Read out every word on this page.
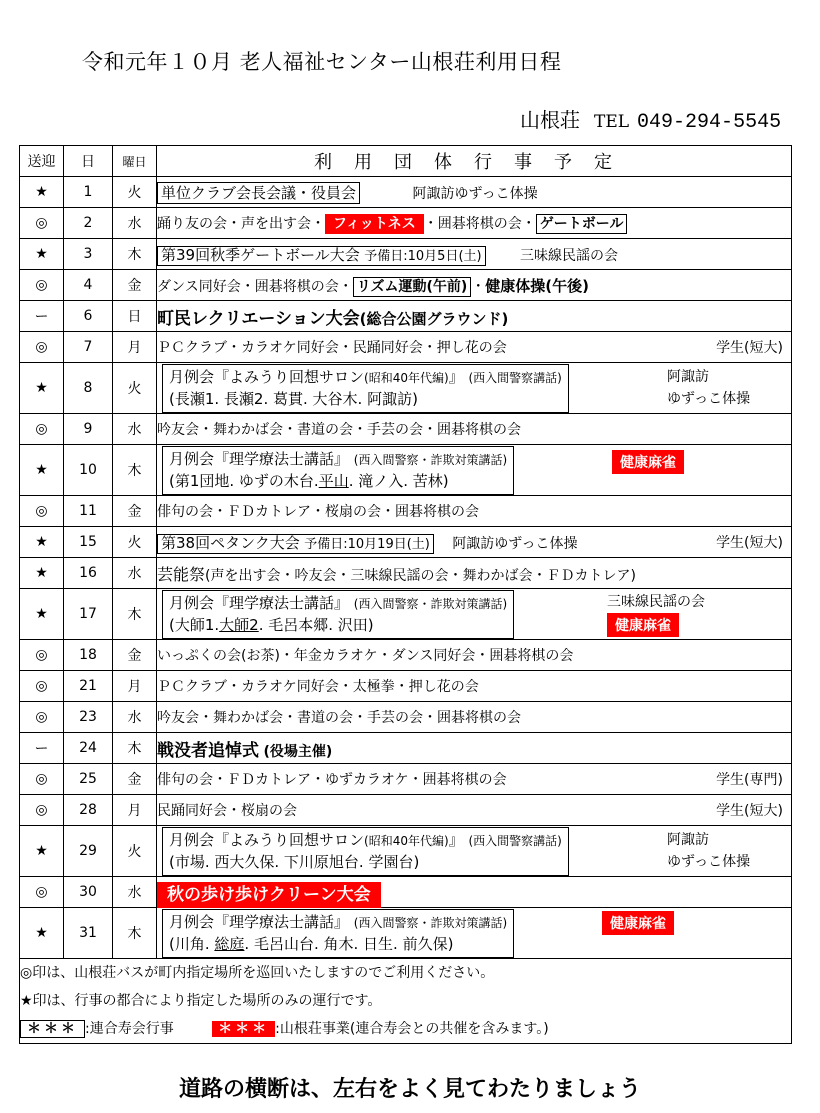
令和元年１０月 老人福祉センター山根荘利用日程
山根荘 TEL 049-294-5545
送迎	日	曜日	利用団体行事予定
★	1	火	単位クラブ会長会議・役員会 阿諏訪ゆずっこ体操
◎	2	水	踊り友の会・声を出す会・ フィットネス ・囲碁将棋の会・ ゲートボール
★	3	木	第39回秋季ゲートボール大会 予備日:10月5日(土) 三味線民謡の会
◎	4	金	ダンス同好会・囲碁将棋の会・ リズム運動(午前) ・健康体操(午後)
ー	6	日	町民レクリエーション大会(総合公園グラウンド)
◎	7	月	ＰＣクラブ・カラオケ同好会・民踊同好会・押し花の会 学生(短大)

★	8	火	月例会『よみうり回想サロン(昭和40年代編)』 (西入間警察講話)
(長瀬1. 長瀬2. 葛貫. 大谷木. 阿諏訪)
阿諏訪
ゆずっこ体操

◎	9	水	吟友会・舞わかば会・書道の会・手芸の会・囲碁将棋の会
★	10	木	月例会『理学療法士講話』 (西入間警察・詐欺対策講話)
(第1団地. ゆずの木台.平山. 滝ノ入. 苦林)
健康麻雀

◎	11	金	俳句の会・ＦＤカトレア・桜扇の会・囲碁将棋の会
★	15	火	第38回ペタンク大会 予備日:10月19日(土) 阿諏訪ゆずっこ体操 学生(短大)

★	16	水	芸能祭(声を出す会・吟友会・三味線民謡の会・舞わかば会・ＦＤカトレア)
★	17	木	月例会『理学療法士講話』 (西入間警察・詐欺対策講話)
(大師1.大師2. 毛呂本郷. 沢田)
三味線民謡の会
健康麻雀

◎	18	金	いっぷくの会(お茶)・年金カラオケ・ダンス同好会・囲碁将棋の会
◎	21	月	ＰＣクラブ・カラオケ同好会・太極拳・押し花の会
◎	23	水	吟友会・舞わかば会・書道の会・手芸の会・囲碁将棋の会
ー	24	木	戦没者追悼式 (役場主催)
◎	25	金	俳句の会・ＦＤカトレア・ゆずカラオケ・囲碁将棋の会 学生(専門)

◎	28	月	民踊同好会・桜扇の会 学生(短大)

★	29	火	月例会『よみうり回想サロン(昭和40年代編)』 (西入間警察講話)
(市場. 西大久保. 下川原旭台. 学園台)
阿諏訪
ゆずっこ体操

◎	30	水	秋の歩け歩けクリーン大会
★	31	木	月例会『理学療法士講話』 (西入間警察・詐欺対策講話)
(川角. 総庭. 毛呂山台. 角木. 日生. 前久保)
健康麻雀

◎印は、山根荘バスが町内指定場所を巡回いたしますのでご利用ください。
★印は、行事の都合により指定した場所のみの運行です。
＊＊＊ :連合寿会行事 ＊＊＊ :山根荘事業(連合寿会との共催を含みます。)			
道路の横断は、左右をよく見てわたりましょう
